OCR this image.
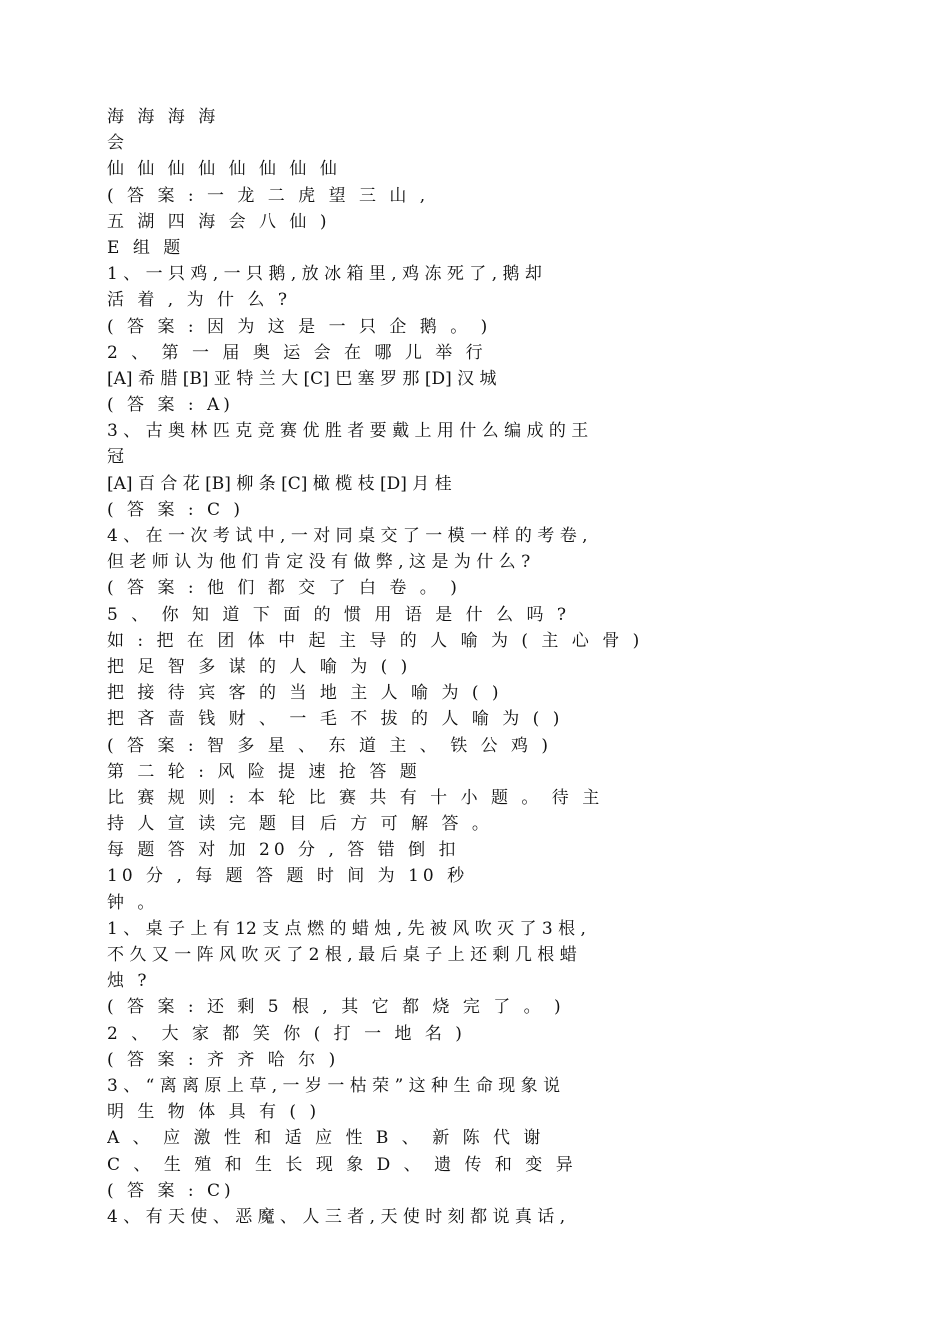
海 海 海 海
会
仙 仙 仙 仙 仙 仙 仙 仙
( 答 案 : 一 龙 二 虎 望 三 山 ,
五 湖 四 海 会 八 仙 )
E 组 题
1 、 一 只 鸡 , 一 只 鹅 , 放 冰 箱 里 , 鸡 冻 死 了 , 鹅 却
活 着 , 为 什 么 ?
( 答 案 : 因 为 这 是 一 只 企 鹅 。 )
2 、 第 一 届 奥 运 会 在 哪 儿 举 行
[A] 希 腊 [B] 亚 特 兰 大 [C] 巴 塞 罗 那 [D] 汉 城
( 答 案 : A)
3 、 古 奥 林 匹 克 竞 赛 优 胜 者 要 戴 上 用 什 么 编 成 的 王
冠
[A] 百 合 花 [B] 柳 条 [C] 橄 榄 枝 [D] 月 桂
( 答 案 : C )
4 、 在 一 次 考 试 中 , 一 对 同 桌 交 了 一 模 一 样 的 考 卷 ,
但 老 师 认 为 他 们 肯 定 没 有 做 弊 , 这 是 为 什 么 ?
( 答 案 : 他 们 都 交 了 白 卷 。 )
5 、 你 知 道 下 面 的 惯 用 语 是 什 么 吗 ?
如 : 把 在 团 体 中 起 主 导 的 人 喻 为 ( 主 心 骨 )
把 足 智 多 谋 的 人 喻 为 ( )
把 接 待 宾 客 的 当 地 主 人 喻 为 ( )
把 吝 啬 钱 财 、 一 毛 不 拔 的 人 喻 为 ( )
( 答 案 : 智 多 星 、 东 道 主 、 铁 公 鸡 )
第 二 轮 : 风 险 提 速 抢 答 题
比 赛 规 则 : 本 轮 比 赛 共 有 十 小 题 。 待 主
持 人 宣 读 完 题 目 后 方 可 解 答 。
每 题 答 对 加 20 分 , 答 错 倒 扣
10 分 , 每 题 答 题 时 间 为 10 秒
钟 。
1 、 桌 子 上 有 12 支 点 燃 的 蜡 烛 , 先 被 风 吹 灭 了 3 根 ,
不 久 又 一 阵 风 吹 灭 了 2 根 , 最 后 桌 子 上 还 剩 几 根 蜡
烛 ?
( 答 案 : 还 剩 5 根 , 其 它 都 烧 完 了 。 )
2 、 大 家 都 笑 你 ( 打 一 地 名 )
( 答 案 : 齐 齐 哈 尔 )
3 、 “ 离 离 原 上 草 , 一 岁 一 枯 荣 ” 这 种 生 命 现 象 说
明 生 物 体 具 有 ( )
A 、 应 激 性 和 适 应 性 B 、 新 陈 代 谢
C 、 生 殖 和 生 长 现 象 D 、 遗 传 和 变 异
( 答 案 : C)
4 、 有 天 使 、 恶 魔 、 人 三 者 , 天 使 时 刻 都 说 真 话 ,
